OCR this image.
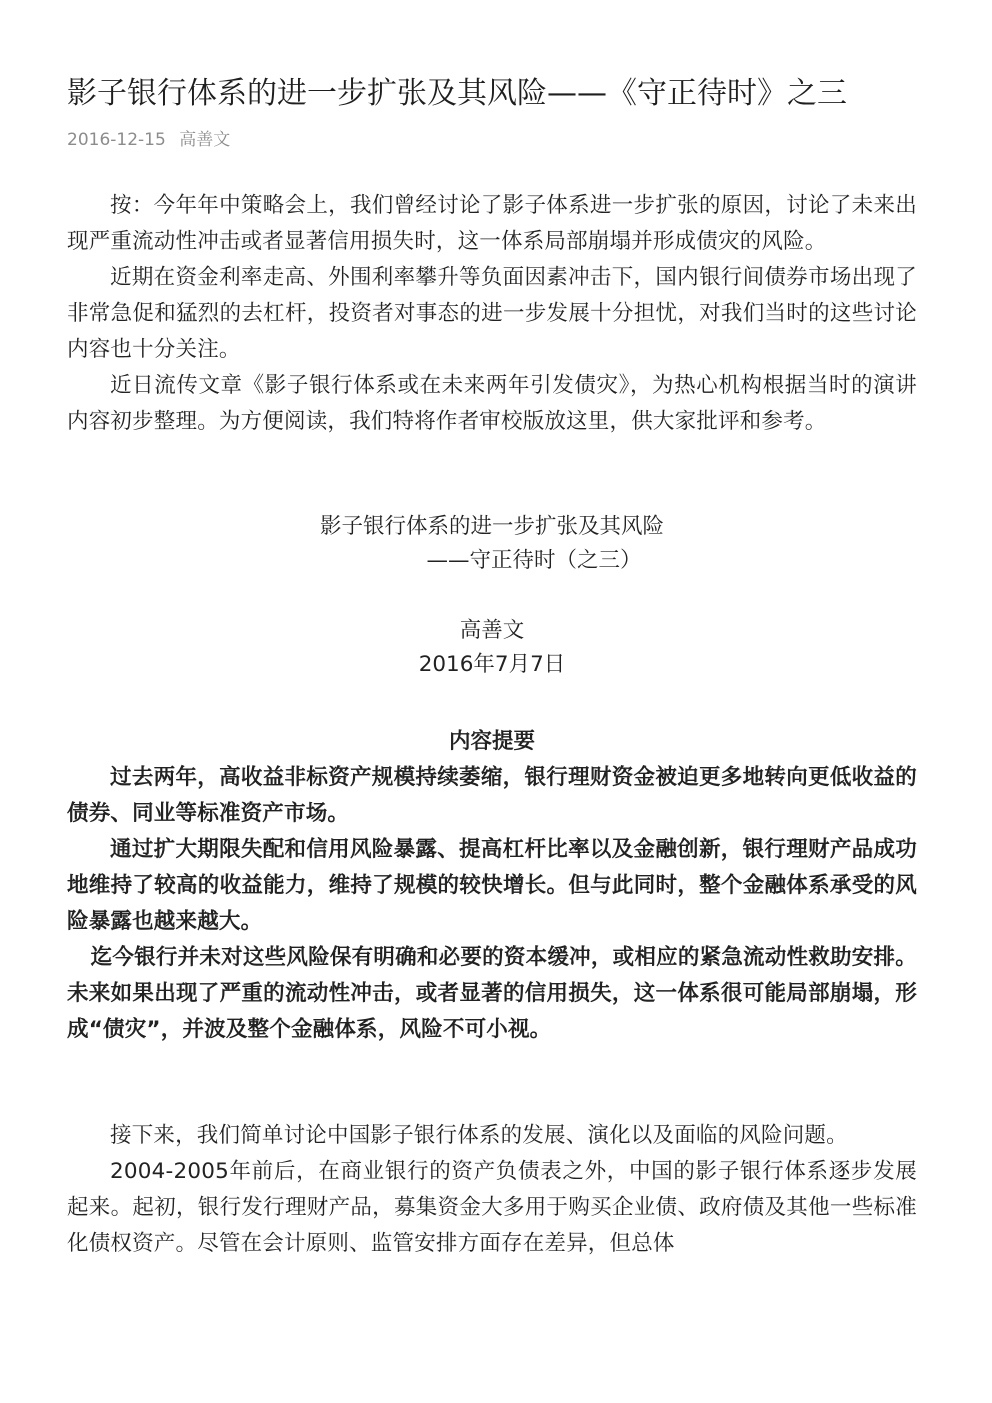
影子银行体系的进一步扩张及其风险——《守正待时》之三
2016-12-15 高善文

按：今年年中策略会上，我们曾经讨论了影子体系进一步扩张的原因，讨论了未来出现严重流动性冲击或者显著信用损失时，这一体系局部崩塌并形成债灾的风险。

近期在资金利率走高、外围利率攀升等负面因素冲击下，国内银行间债券市场出现了非常急促和猛烈的去杠杆，投资者对事态的进一步发展十分担忧，对我们当时的这些讨论内容也十分关注。

近日流传文章《影子银行体系或在未来两年引发债灾》，为热心机构根据当时的演讲内容初步整理。为方便阅读，我们特将作者审校版放这里，供大家批评和参考。

影子银行体系的进一步扩张及其风险
——守正待时（之三）
高善文
2016年7月7日
内容提要

过去两年，高收益非标资产规模持续萎缩，银行理财资金被迫更多地转向更低收益的债券、同业等标准资产市场。

通过扩大期限失配和信用风险暴露、提高杠杆比率以及金融创新，银行理财产品成功地维持了较高的收益能力，维持了规模的较快增长。但与此同时，整个金融体系承受的风险暴露也越来越大。

迄今银行并未对这些风险保有明确和必要的资本缓冲，或相应的紧急流动性救助安排。未来如果出现了严重的流动性冲击，或者显著的信用损失，这一体系很可能局部崩塌，形成“债灾”，并波及整个金融体系，风险不可小视。

接下来，我们简单讨论中国影子银行体系的发展、演化以及面临的风险问题。

2004-2005年前后，在商业银行的资产负债表之外，中国的影子银行体系逐步发展起来。起初，银行发行理财产品，募集资金大多用于购买企业债、政府债及其他一些标准化债权资产。尽管在会计原则、监管安排方面存在差异，但总体
